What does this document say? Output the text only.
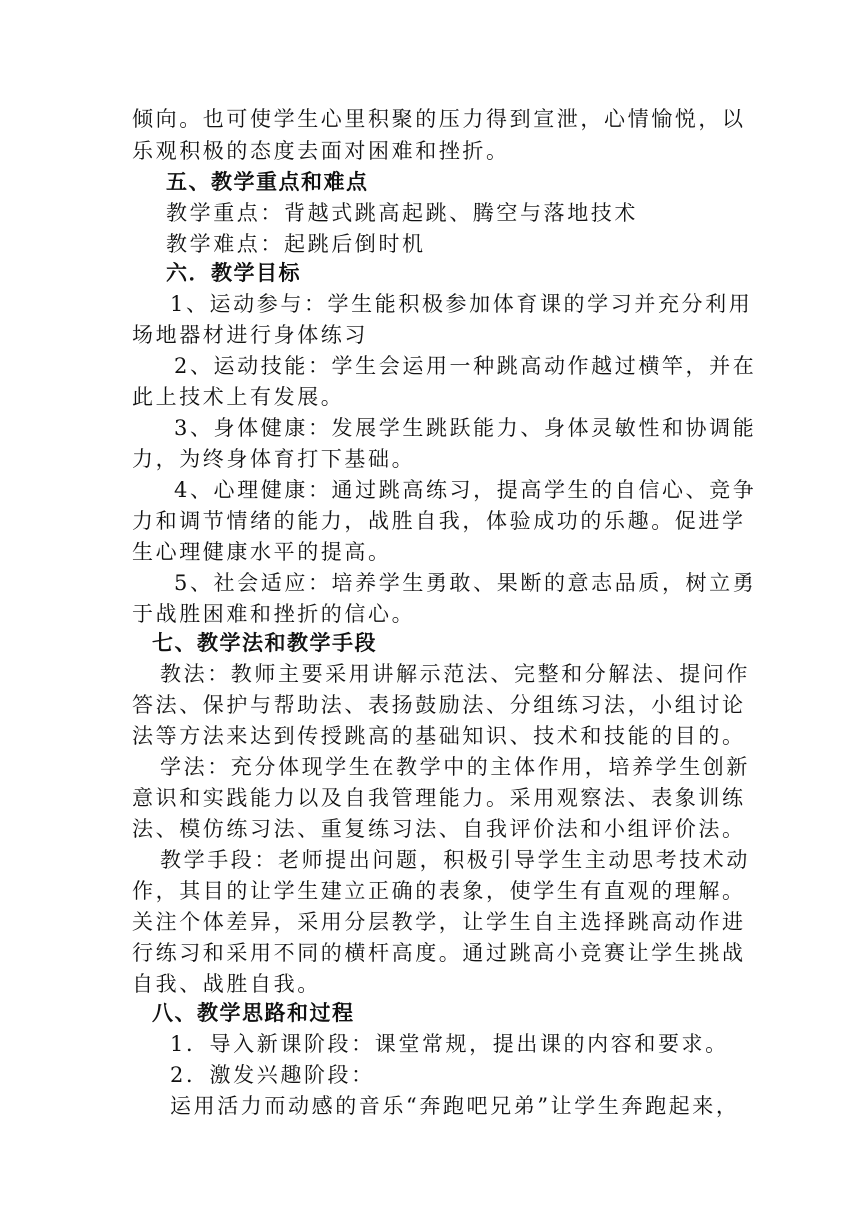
倾向。也可使学生心里积聚的压力得到宣泄，心情愉悦，以
乐观积极的态度去面对困难和挫折。
五、教学重点和难点
教学重点：背越式跳高起跳、腾空与落地技术
教学难点：起跳后倒时机
六．教学目标
1、运动参与：学生能积极参加体育课的学习并充分利用
场地器材进行身体练习
2、运动技能：学生会运用一种跳高动作越过横竿，并在
此上技术上有发展。
3、身体健康：发展学生跳跃能力、身体灵敏性和协调能
力，为终身体育打下基础。
4、心理健康：通过跳高练习，提高学生的自信心、竞争
力和调节情绪的能力，战胜自我，体验成功的乐趣。促进学
生心理健康水平的提高。
5、社会适应：培养学生勇敢、果断的意志品质，树立勇
于战胜困难和挫折的信心。
七、教学法和教学手段
教法：教师主要采用讲解示范法、完整和分解法、提问作
答法、保护与帮助法、表扬鼓励法、分组练习法，小组讨论
法等方法来达到传授跳高的基础知识、技术和技能的目的。
学法：充分体现学生在教学中的主体作用，培养学生创新
意识和实践能力以及自我管理能力。采用观察法、表象训练
法、模仿练习法、重复练习法、自我评价法和小组评价法。
教学手段：老师提出问题，积极引导学生主动思考技术动
作，其目的让学生建立正确的表象，使学生有直观的理解。
关注个体差异，采用分层教学，让学生自主选择跳高动作进
行练习和采用不同的横杆高度。通过跳高小竞赛让学生挑战
自我、战胜自我。
八、教学思路和过程
1．导入新课阶段：课堂常规，提出课的内容和要求。
2．激发兴趣阶段：
运用活力而动感的音乐“奔跑吧兄弟”让学生奔跑起来，
